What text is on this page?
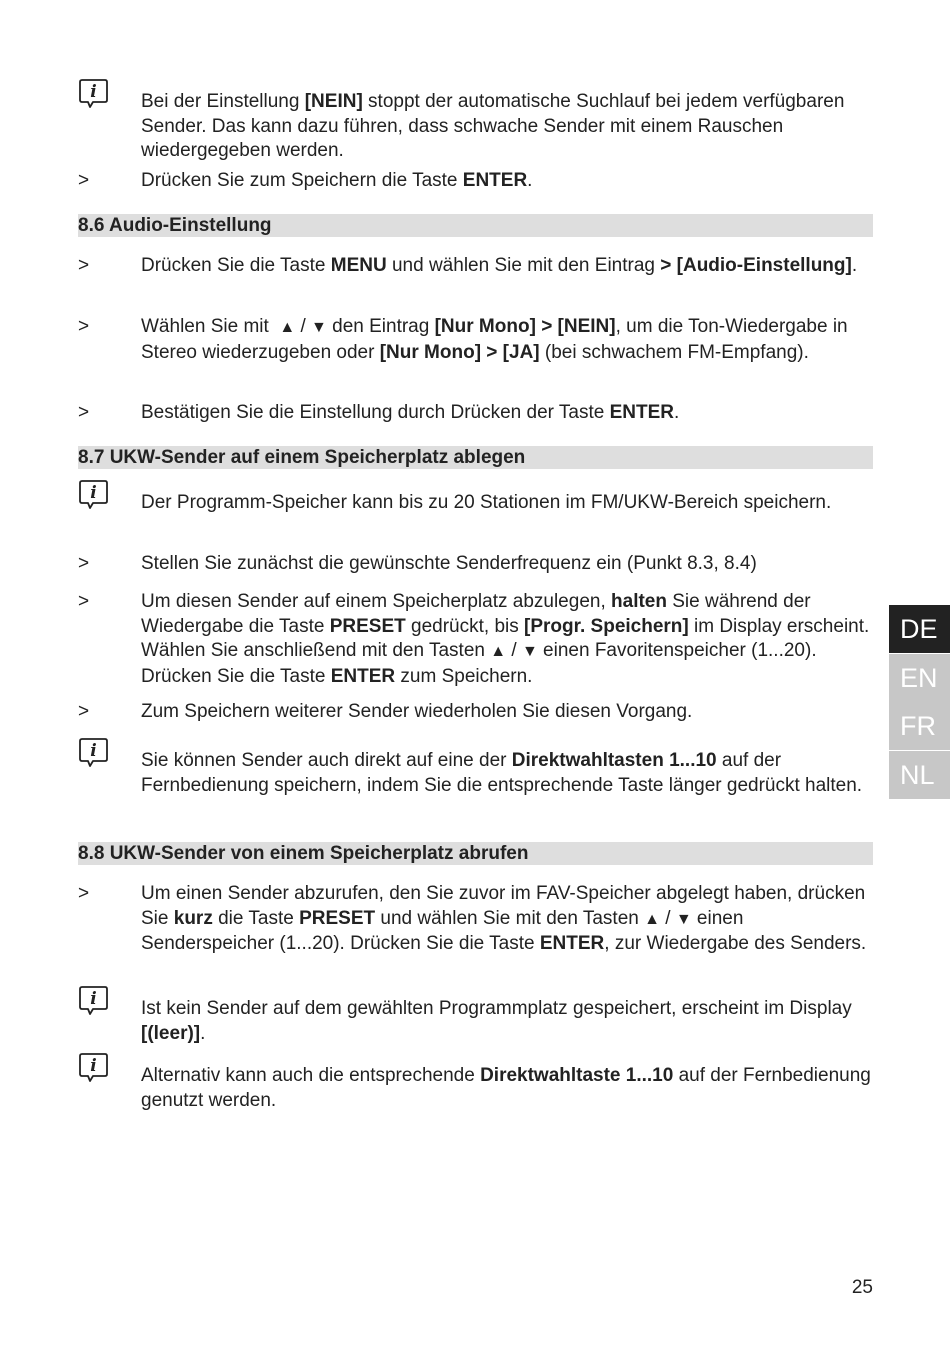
i Bei der Einstellung [NEIN] stoppt der automatische Suchlauf bei jedem verfügbaren Sender. Das kann dazu führen, dass schwache Sender mit einem Rauschen wiedergegeben werden.
>	Drücken Sie zum Speichern die Taste ENTER.
8.6 Audio-Einstellung
>	Drücken Sie die Taste MENU und wählen Sie mit den Eintrag > [Audio-Einstellung].
>	Wählen Sie mit  ▲ / ▼ den Eintrag [Nur Mono] > [NEIN], um die Ton-Wiedergabe in Stereo wiederzugeben oder [Nur Mono] > [JA] (bei schwachem FM-Empfang).
>	Bestätigen Sie die Einstellung durch Drücken der Taste ENTER.
8.7 UKW-Sender auf einem Speicherplatz ablegen
i Der Programm-Speicher kann bis zu 20 Stationen im FM/UKW-Bereich speichern.
>	Stellen Sie zunächst die gewünschte Senderfrequenz ein (Punkt 8.3, 8.4)
>	Um diesen Sender auf einem Speicherplatz abzulegen, halten Sie während der Wiedergabe die Taste PRESET gedrückt, bis [Progr. Speichern] im Display erscheint. Wählen Sie anschließend mit den Tasten ▲ / ▼ einen Favoritenspeicher (1...20). Drücken Sie die Taste ENTER zum Speichern.
>	Zum Speichern weiterer Sender wiederholen Sie diesen Vorgang.
i Sie können Sender auch direkt auf eine der Direktwahltasten 1...10 auf der Fernbedienung speichern, indem Sie die entsprechende Taste länger gedrückt halten.
8.8 UKW-Sender von einem Speicherplatz abrufen
>	Um einen Sender abzurufen, den Sie zuvor im FAV-Speicher abgelegt haben, drücken Sie kurz die Taste PRESET und wählen Sie mit den Tasten ▲ / ▼ einen Senderspeicher (1...20). Drücken Sie die Taste ENTER, zur Wiedergabe des Senders.
i Ist kein Sender auf dem gewählten Programmplatz gespeichert, erscheint im Display [(leer)].
i Alternativ kann auch die entsprechende Direktwahltaste 1...10 auf der Fernbedienung genutzt werden.
DE
EN
FR
NL
25
